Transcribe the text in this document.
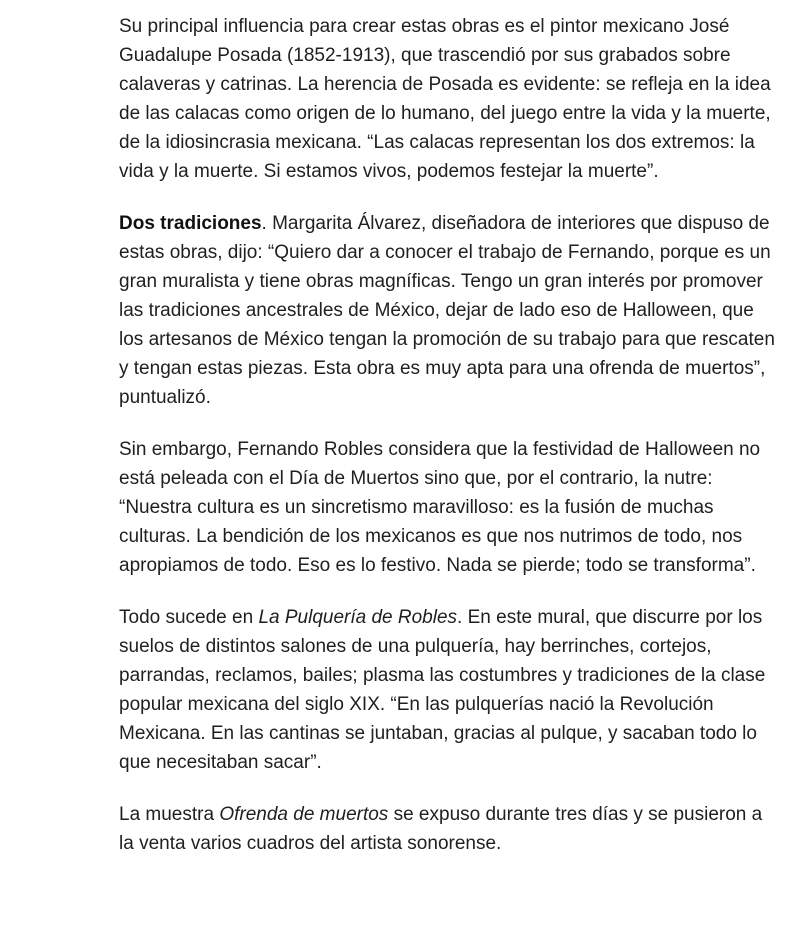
Su principal influencia para crear estas obras es el pintor mexicano José Guadalupe Posada (1852-1913), que trascendió por sus grabados sobre calaveras y catrinas. La herencia de Posada es evidente: se refleja en la idea de las calacas como origen de lo humano, del juego entre la vida y la muerte, de la idiosincrasia mexicana. “Las calacas representan los dos extremos: la vida y la muerte. Si estamos vivos, podemos festejar la muerte”.

Dos tradiciones. Margarita Álvarez, diseñadora de interiores que dispuso de estas obras, dijo: “Quiero dar a conocer el trabajo de Fernando, porque es un gran muralista y tiene obras magníficas. Tengo un gran interés por promover las tradiciones ancestrales de México, dejar de lado eso de Halloween, que los artesanos de México tengan la promoción de su trabajo para que rescaten y tengan estas piezas. Esta obra es muy apta para una ofrenda de muertos”, puntualizó.

Sin embargo, Fernando Robles considera que la festividad de Halloween no está peleada con el Día de Muertos sino que, por el contrario, la nutre: “Nuestra cultura es un sincretismo maravilloso: es la fusión de muchas culturas. La bendición de los mexicanos es que nos nutrimos de todo, nos apropiamos de todo. Eso es lo festivo. Nada se pierde; todo se transforma”.

Todo sucede en La Pulquería de Robles. En este mural, que discurre por los suelos de distintos salones de una pulquería, hay berrinches, cortejos, parrandas, reclamos, bailes; plasma las costumbres y tradiciones de la clase popular mexicana del siglo XIX. “En las pulquerías nació la Revolución Mexicana. En las cantinas se juntaban, gracias al pulque, y sacaban todo lo que necesitaban sacar”.

La muestra Ofrenda de muertos se expuso durante tres días y se pusieron a la venta varios cuadros del artista sonorense.
